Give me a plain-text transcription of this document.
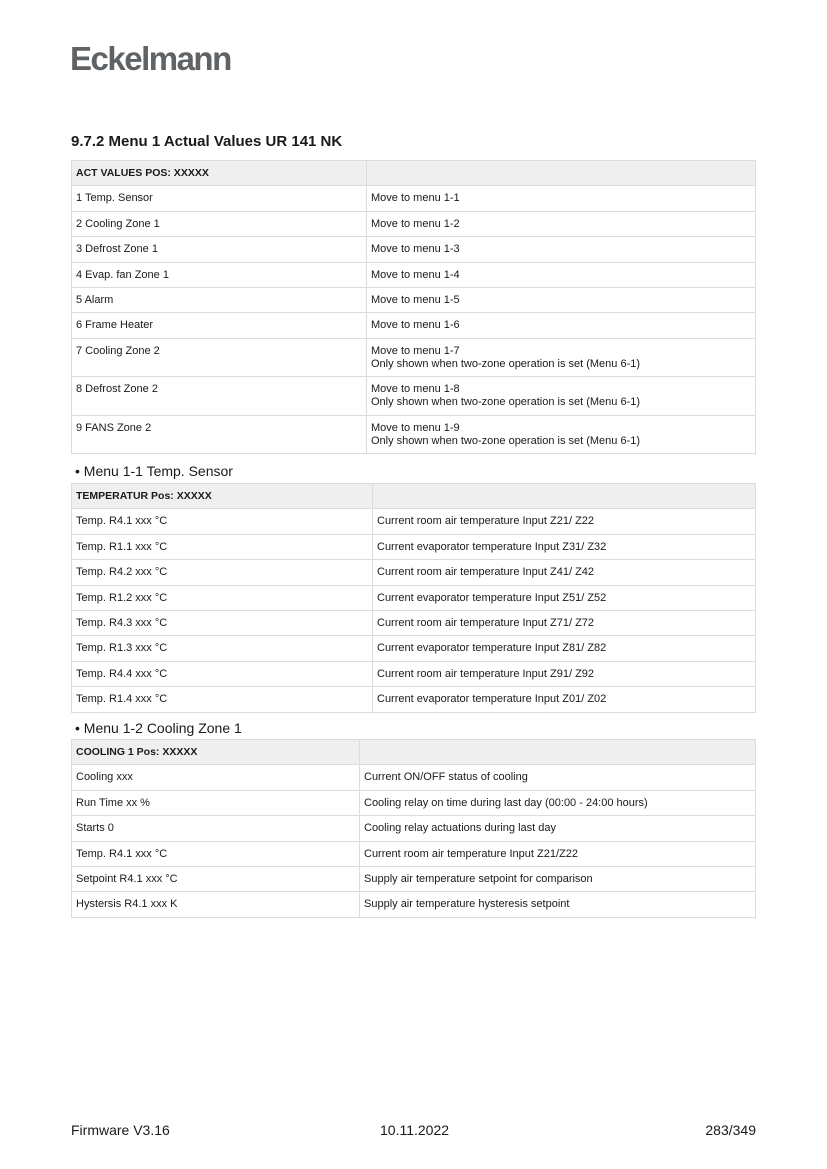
Eckelmann
9.7.2 Menu 1 Actual Values UR 141 NK
ACT VALUES POS: XXXXX	
1 Temp. Sensor	Move to menu 1-1
2 Cooling Zone 1	Move to menu 1-2
3 Defrost Zone 1	Move to menu 1-3
4 Evap. fan Zone 1	Move to menu 1-4
5 Alarm	Move to menu 1-5
6 Frame Heater	Move to menu 1-6
7 Cooling Zone 2	Move to menu 1-7
Only shown when two-zone operation is set (Menu 6-1)
8 Defrost Zone 2	Move to menu 1-8
Only shown when two-zone operation is set (Menu 6-1)
9 FANS Zone 2	Move to menu 1-9
Only shown when two-zone operation is set (Menu 6-1)
• Menu 1-1 Temp. Sensor
TEMPERATUR Pos: XXXXX	
Temp. R4.1 xxx °C	Current room air temperature Input Z21/ Z22
Temp. R1.1 xxx °C	Current evaporator temperature Input Z31/ Z32
Temp. R4.2 xxx °C	Current room air temperature Input Z41/ Z42
Temp. R1.2 xxx °C	Current evaporator temperature Input Z51/ Z52
Temp. R4.3 xxx °C	Current room air temperature Input Z71/ Z72
Temp. R1.3 xxx °C	Current evaporator temperature Input Z81/ Z82
Temp. R4.4 xxx °C	Current room air temperature Input Z91/ Z92
Temp. R1.4 xxx °C	Current evaporator temperature Input Z01/ Z02
• Menu 1-2 Cooling Zone 1
COOLING 1 Pos: XXXXX	
Cooling xxx	Current ON/OFF status of cooling
Run Time xx %	Cooling relay on time during last day (00:00 - 24:00 hours)
Starts 0	Cooling relay actuations during last day
Temp. R4.1 xxx °C	Current room air temperature Input Z21/Z22
Setpoint R4.1 xxx °C	Supply air temperature setpoint for comparison
Hystersis R4.1 xxx K	Supply air temperature hysteresis setpoint
Firmware V3.16	10.11.2022	283/349
